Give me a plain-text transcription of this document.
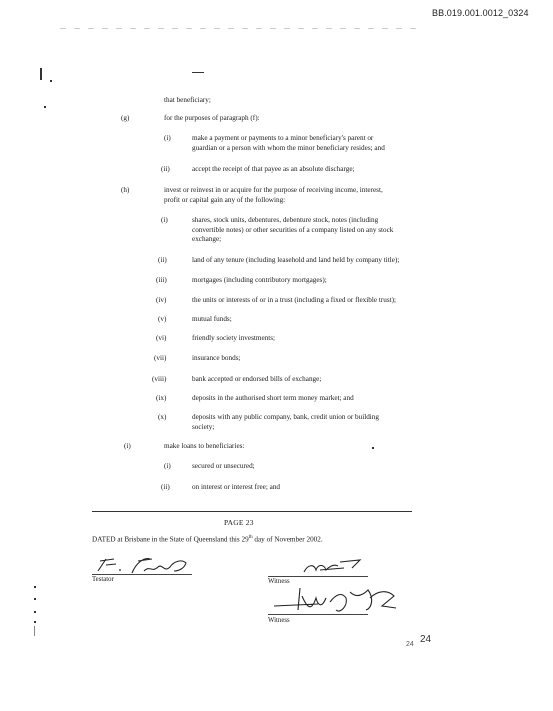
BB.019.001.0012_0324
that beneficiary;
(g)	for the purposes of paragraph (f):
(i)	make a payment or payments to a minor beneficiary's parent or
guardian or a person with whom the minor beneficiary resides; and
(ii)	accept the receipt of that payee as an absolute discharge;
(h)	invest or reinvest in or acquire for the purpose of receiving income, interest,
profit or capital gain any of the following:
(i)	shares, stock units, debentures, debenture stock, notes (including
convertible notes) or other securities of a company listed on any stock
exchange;
(ii)	land of any tenure (including leasehold and land held by company title);
(iii)	mortgages (including contributory mortgages);
(iv)	the units or interests of or in a trust (including a fixed or flexible trust);
(v)	mutual funds;
(vi)	friendly society investments;
(vii)	insurance bonds;
(viii)	bank accepted or endorsed bills of exchange;
(ix)	deposits in the authorised short term money market; and
(x)	deposits with any public company, bank, credit union or building
society;
(i)	make loans to beneficiaries:
(i)	secured or unsecured;
(ii)	on interest or interest free; and
PAGE 23
DATED at Brisbane in the State of Queensland this 29th day of November 2002.
Testator	Witness
Witness
24 24
